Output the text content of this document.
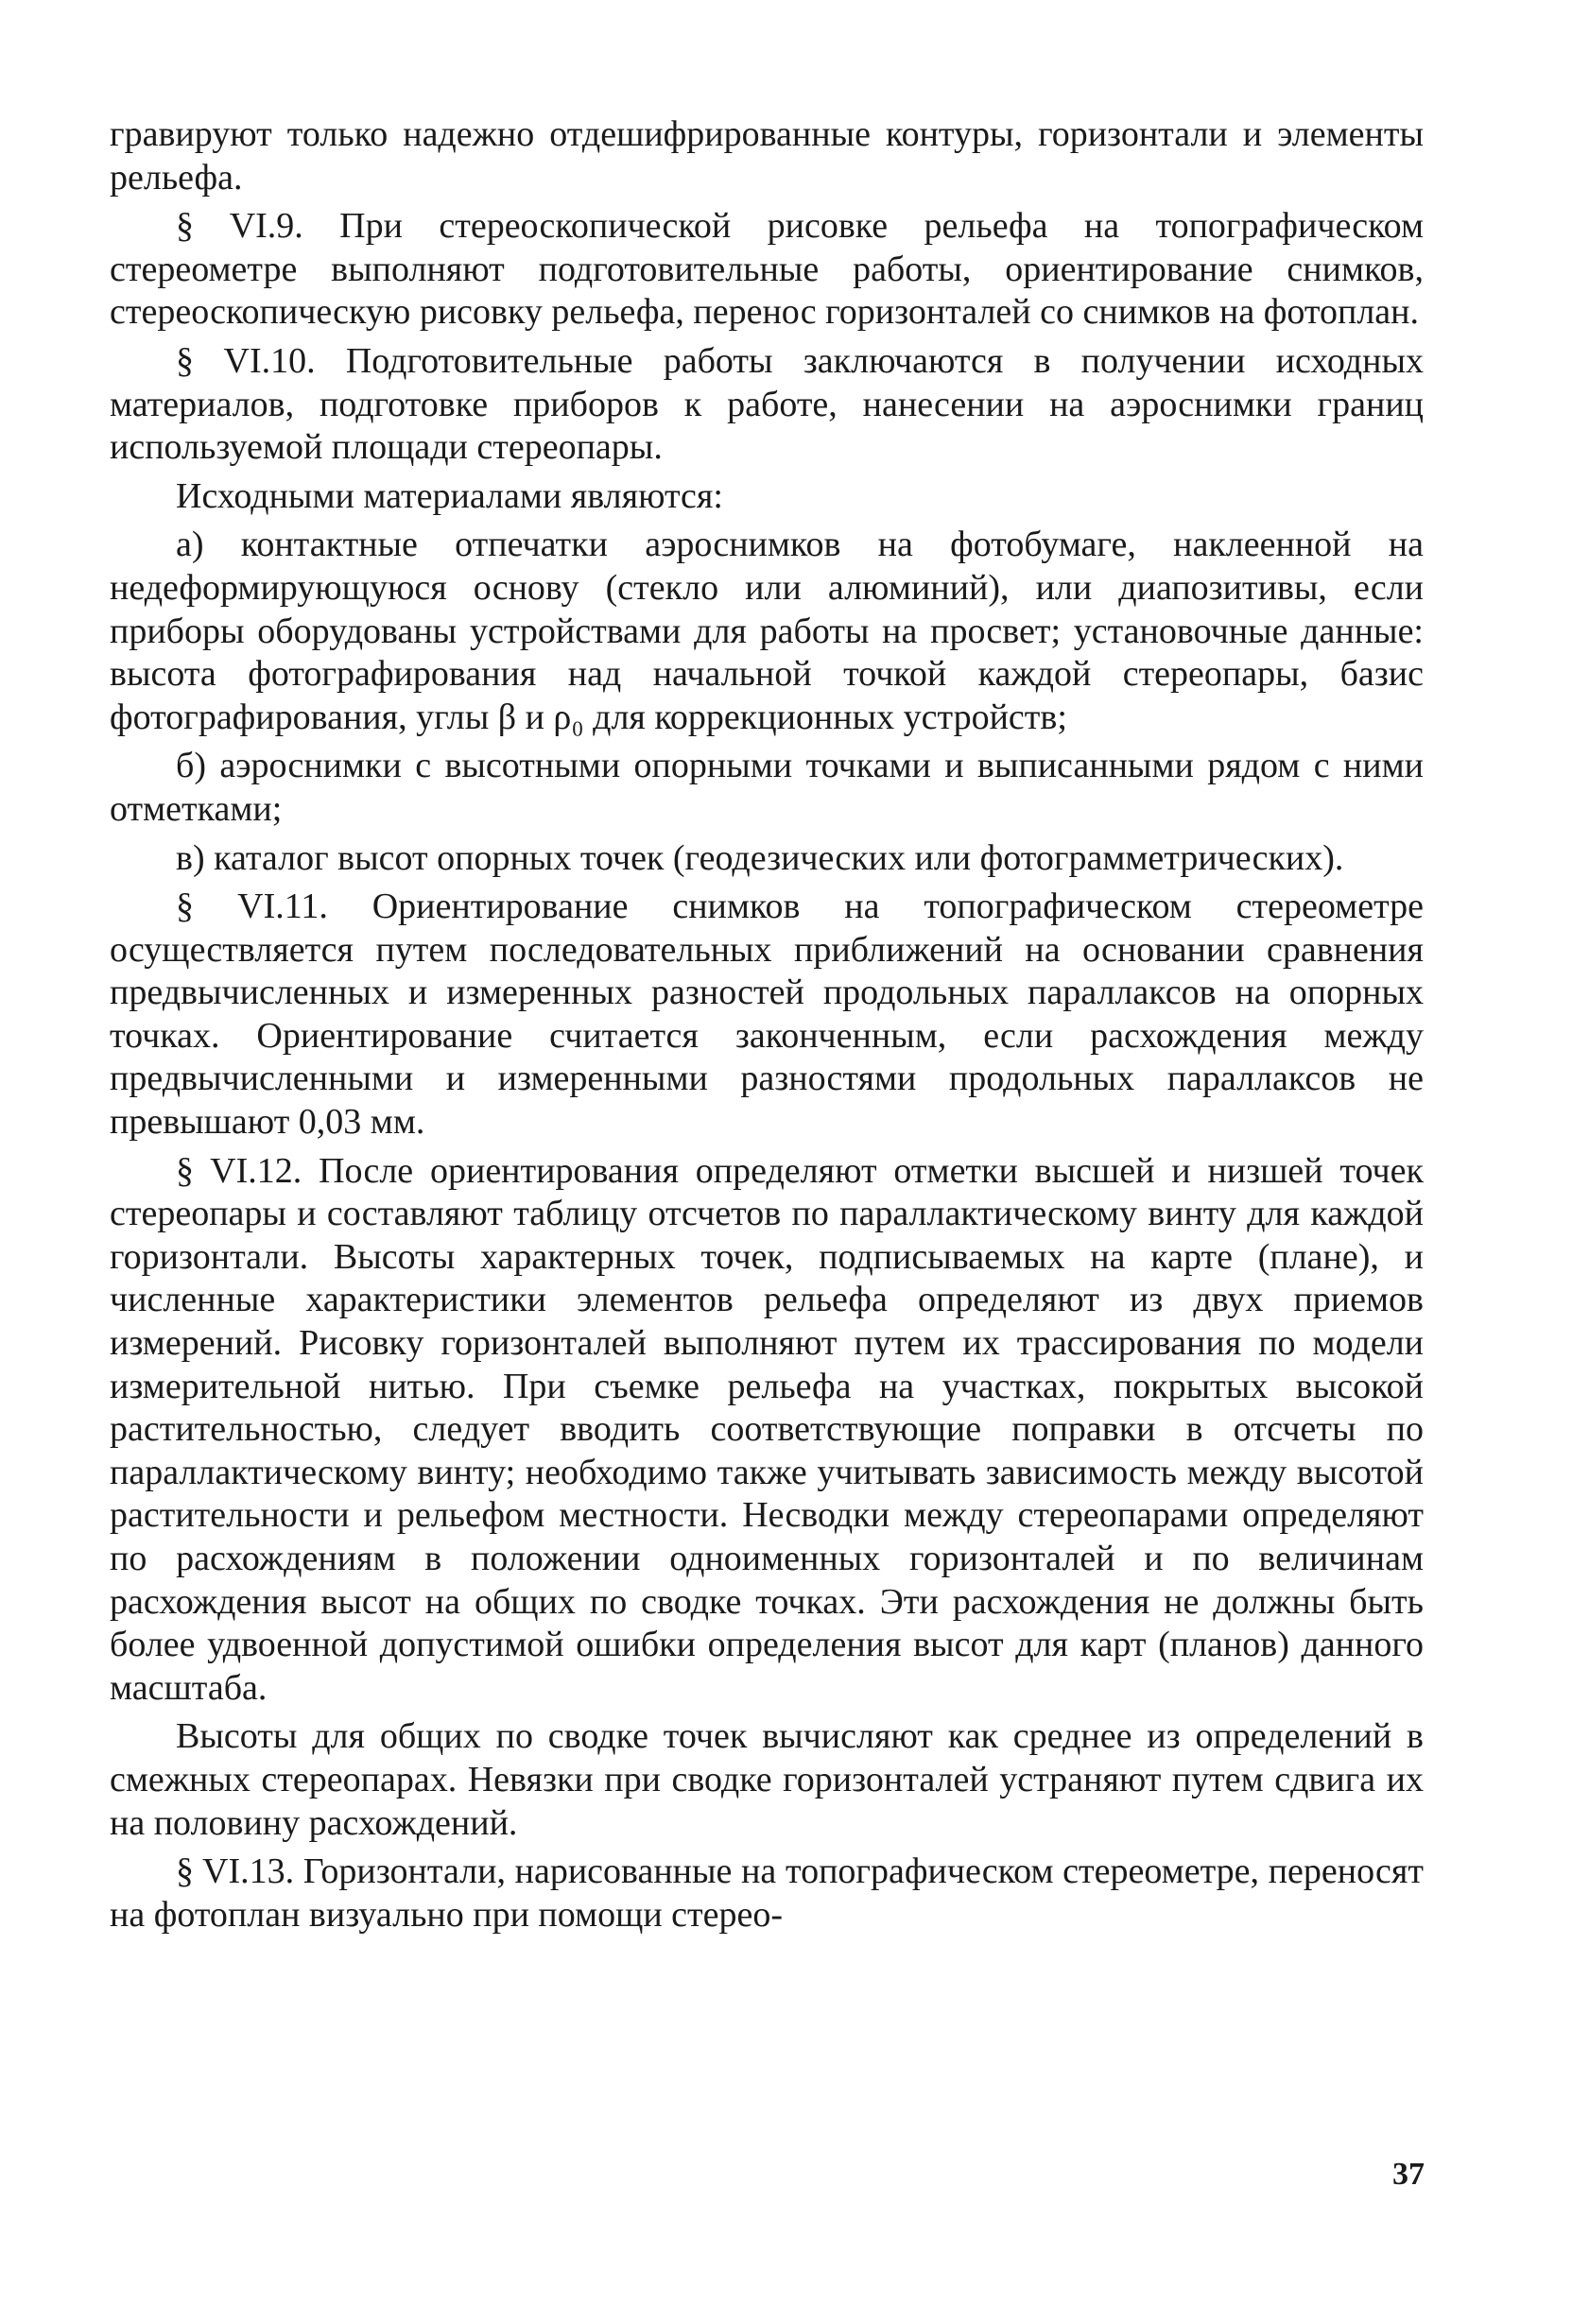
гравируют только надежно отдешифрированные контуры, горизонтали и элементы рельефа.

§ VI.9. При стереоскопической рисовке рельефа на топографическом стереометре выполняют подготовительные работы, ориентирование снимков, стереоскопическую рисовку рельефа, перенос горизонталей со снимков на фотоплан.

§ VI.10. Подготовительные работы заключаются в получении исходных материалов, подготовке приборов к работе, нанесении на аэроснимки границ используемой площади стереопары.

Исходными материалами являются:

а) контактные отпечатки аэроснимков на фотобумаге, наклеенной на недеформирующуюся основу (стекло или алюминий), или диапозитивы, если приборы оборудованы устройствами для работы на просвет; установочные данные: высота фотографирования над начальной точкой каждой стереопары, базис фотографирования, углы β и ρ₀ для коррекционных устройств;

б) аэроснимки с высотными опорными точками и выписанными рядом с ними отметками;

в) каталог высот опорных точек (геодезических или фотограмметрических).

§ VI.11. Ориентирование снимков на топографическом стереометре осуществляется путем последовательных приближений на основании сравнения предвычисленных и измеренных разностей продольных параллаксов на опорных точках. Ориентирование считается законченным, если расхождения между предвычисленными и измеренными разностями продольных параллаксов не превышают 0,03 мм.

§ VI.12. После ориентирования определяют отметки высшей и низшей точек стереопары и составляют таблицу отсчетов по параллактическому винту для каждой горизонтали. Высоты характерных точек, подписываемых на карте (плане), и численные характеристики элементов рельефа определяют из двух приемов измерений. Рисовку горизонталей выполняют путем их трассирования по модели измерительной нитью. При съемке рельефа на участках, покрытых высокой растительностью, следует вводить соответствующие поправки в отсчеты по параллактическому винту; необходимо также учитывать зависимость между высотой растительности и рельефом местности. Несводки между стереопарами определяют по расхождениям в положении одноименных горизонталей и по величинам расхождения высот на общих по сводке точках. Эти расхождения не должны быть более удвоенной допустимой ошибки определения высот для карт (планов) данного масштаба.

Высоты для общих по сводке точек вычисляют как среднее из определений в смежных стереопарах. Невязки при сводке горизонталей устраняют путем сдвига их на половину расхождений.

§ VI.13. Горизонтали, нарисованные на топографическом стереометре, переносят на фотоплан визуально при помощи стерео-

37
